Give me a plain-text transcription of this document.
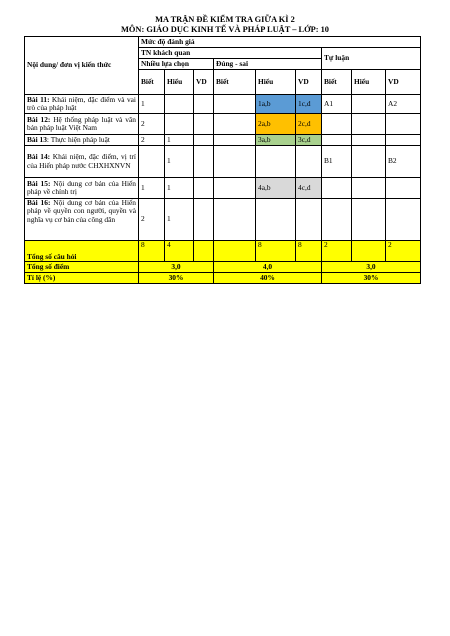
MA TRẬN ĐỀ KIỂM TRA GIỮA KÌ 2
MÔN: GIÁO DỤC KINH TẾ VÀ PHÁP LUẬT – LỚP: 10
Nội dung/ đơn vị kiến thức	Mức độ đánh giá								
	TN khách quan						Tự luận		
	Nhiều lựa chọn			Đúng - sai					
	Biết	Hiểu	VD	Biết	Hiểu	VD	Biết	Hiểu	VD
Bài 11: Khái niệm, đặc điểm và vai trò của pháp luật	1				1a,b	1c,d	A1		A2
Bài 12: Hệ thống pháp luật và văn bản pháp luật Việt Nam	2				2a,b	2c,d			
Bài 13: Thực hiện pháp luật	2	1			3a,b	3c,d			
Bài 14: Khái niệm, đặc điểm, vị trí của Hiến pháp nước CHXHXNVN		1					B1		B2
Bài 15: Nội dung cơ bản của Hiến pháp về chính trị	1	1			4a,b	4c,d			
Bài 16: Nội dung cơ bản của Hiến pháp về quyền con người, quyền và nghĩa vụ cơ bản của công dân	2	1							
Tổng số câu hỏi	8	4			8	8	2		2
Tổng số điểm	3,0			4,0			3,0		
Tỉ lệ (%)	30%			40%			30%		
